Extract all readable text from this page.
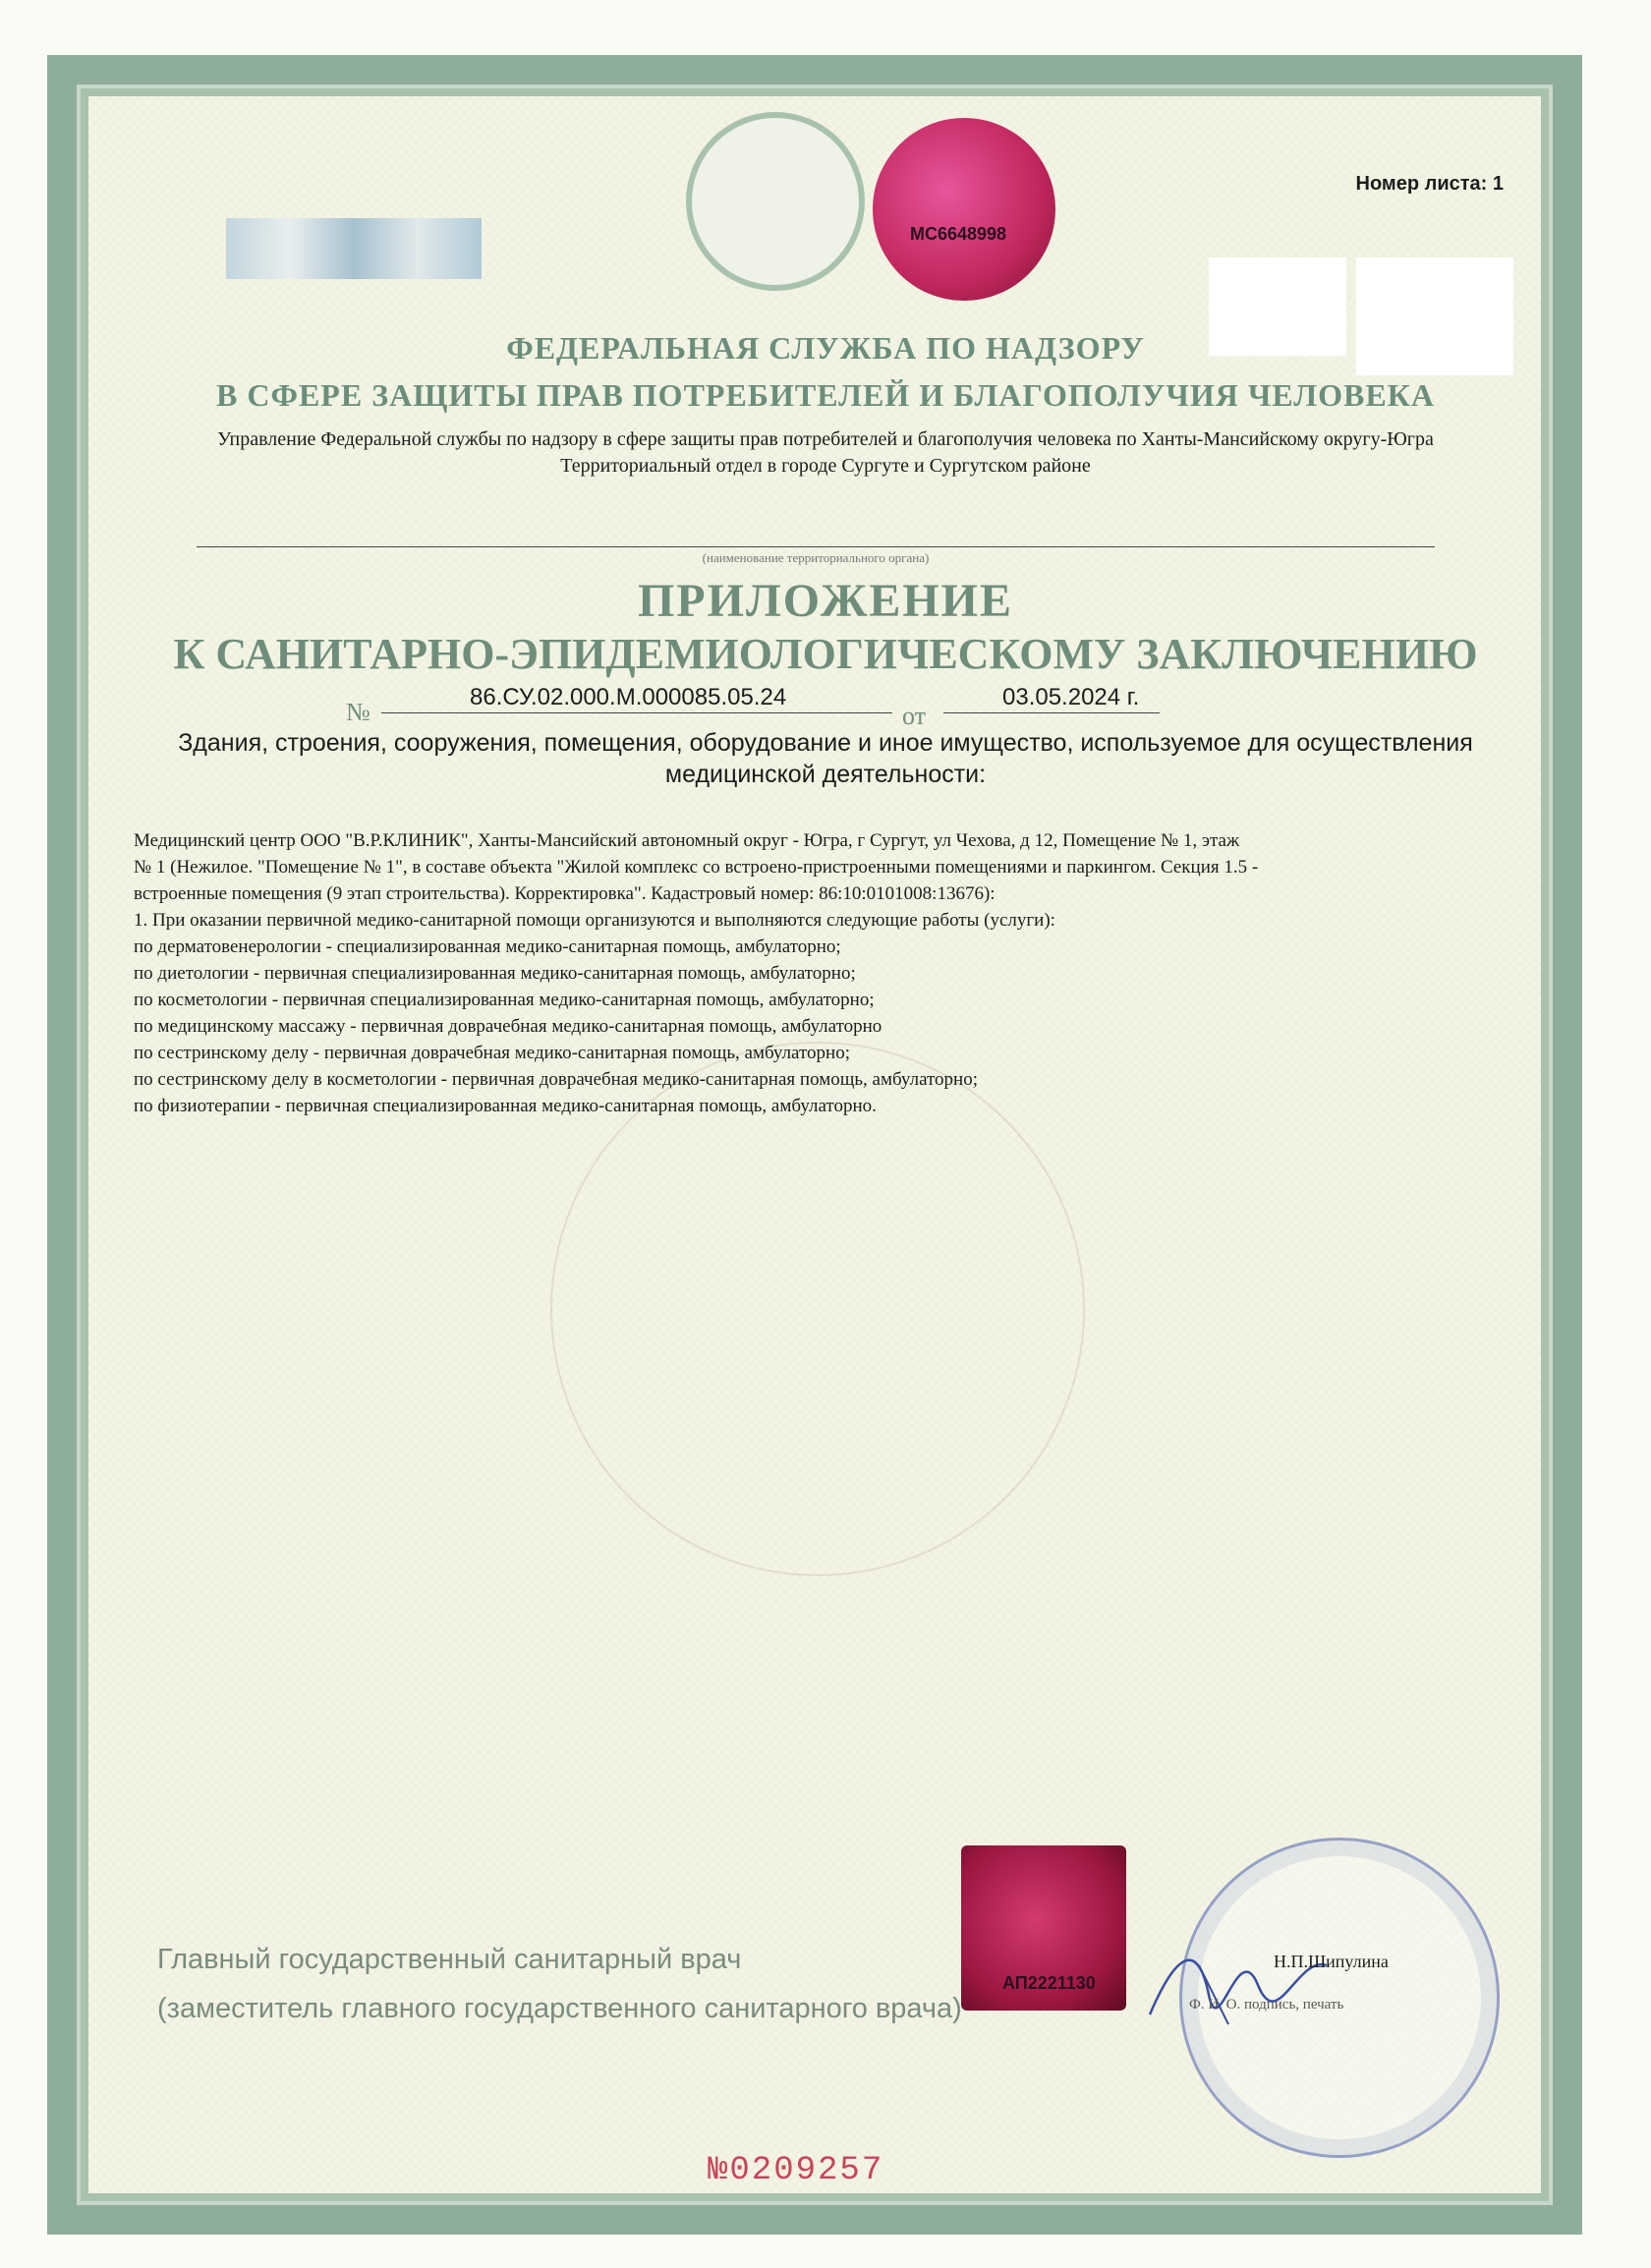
МС6648998
Номер листа: 1
ФЕДЕРАЛЬНАЯ СЛУЖБА ПО НАДЗОРУ
В СФЕРЕ ЗАЩИТЫ ПРАВ ПОТРЕБИТЕЛЕЙ И БЛАГОПОЛУЧИЯ ЧЕЛОВЕКА
Управление Федеральной службы по надзору в сфере защиты прав потребителей и благополучия человека по Ханты-Мансийскому округу-Югра Территориальный отдел в городе Сургуте и Сургутском районе
(наименование территориального органа)
ПРИЛОЖЕНИЕ
К САНИТАРНО-ЭПИДЕМИОЛОГИЧЕСКОМУ ЗАКЛЮЧЕНИЮ
№
86.СУ.02.000.М.000085.05.24
от
03.05.2024 г.
Здания, строения, сооружения, помещения, оборудование и иное имущество, используемое для осуществления медицинской деятельности:
Медицинский центр ООО "В.Р.КЛИНИК", Ханты-Мансийский автономный округ - Югра, г Сургут, ул Чехова, д 12, Помещение № 1, этаж
№ 1 (Нежилое. "Помещение № 1", в составе объекта "Жилой комплекс со встроено-пристроенными помещениями и паркингом. Секция 1.5 -
встроенные помещения (9 этап строительства). Корректировка". Кадастровый номер: 86:10:0101008:13676):
1. При оказании первичной медико-санитарной помощи организуются и выполняются следующие работы (услуги):
по дерматовенерологии - специализированная медико-санитарная помощь, амбулаторно;
по диетологии - первичная специализированная медико-санитарная помощь, амбулаторно;
по косметологии - первичная специализированная медико-санитарная помощь, амбулаторно;
по медицинскому массажу - первичная доврачебная медико-санитарная помощь, амбулаторно
по сестринскому делу - первичная доврачебная медико-санитарная помощь, амбулаторно;
по сестринскому делу в косметологии - первичная доврачебная медико-санитарная помощь, амбулаторно;
по физиотерапии - первичная специализированная медико-санитарная помощь, амбулаторно.
АП2221130
Главный государственный санитарный врач
(заместитель главного государственного санитарного врача)
Н.П.Шипулина
Ф. И. О. подпись, печать
№0209257
